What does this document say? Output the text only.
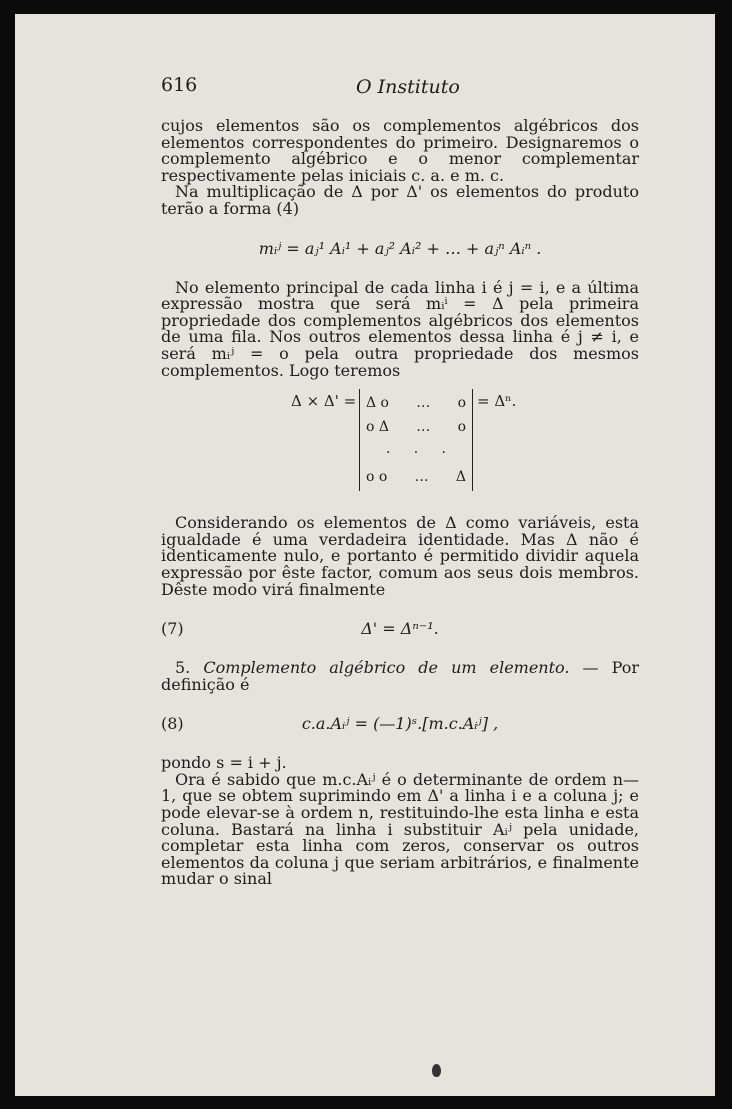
616	O Instituto

cujos elementos são os complementos algébricos dos elementos correspondentes do primeiro. Designaremos o complemento algébrico e o menor complementar respectivamente pelas iniciais c. a. e m. c.

Na multiplicação de Δ por Δ' os elementos do produto terão a forma (4)

mᵢʲ = aⱼ¹ Aᵢ¹ + aⱼ² Aᵢ² + … + aⱼⁿ Aᵢⁿ .

No elemento principal de cada linha i é j = i, e a última expressão mostra que será mᵢⁱ = Δ pela primeira propriedade dos complementos algébricos dos elementos de uma fila. Nos outros elementos dessa linha é j ≠ i, e será mᵢʲ = o pela outra propriedade dos mesmos complementos. Logo teremos

Δ × Δ' = Δ o … o
o Δ … o
. . .
o o … Δ
= Δⁿ.

Considerando os elementos de Δ como variáveis, esta igualdade é uma verdadeira identidade. Mas Δ não é identicamente nulo, e portanto é permitido dividir aquela expressão por êste factor, comum aos seus dois membros. Dêste modo virá finalmente

(7)	Δ' = Δⁿ⁻¹.

5. Complemento algébrico de um elemento. — Por definição é

(8)	c.a.Aᵢʲ = (—1)ˢ.[m.c.Aᵢʲ] ,

pondo s = i + j.

Ora é sabido que m.c.Aᵢʲ é o determinante de ordem n—1, que se obtem suprimindo em Δ' a linha i e a coluna j; e pode elevar-se à ordem n, restituindo-lhe esta linha e esta coluna. Bastará na linha i substituir Aᵢʲ pela unidade, completar esta linha com zeros, conservar os outros elementos da coluna j que seriam arbitrários, e finalmente mudar o sinal
